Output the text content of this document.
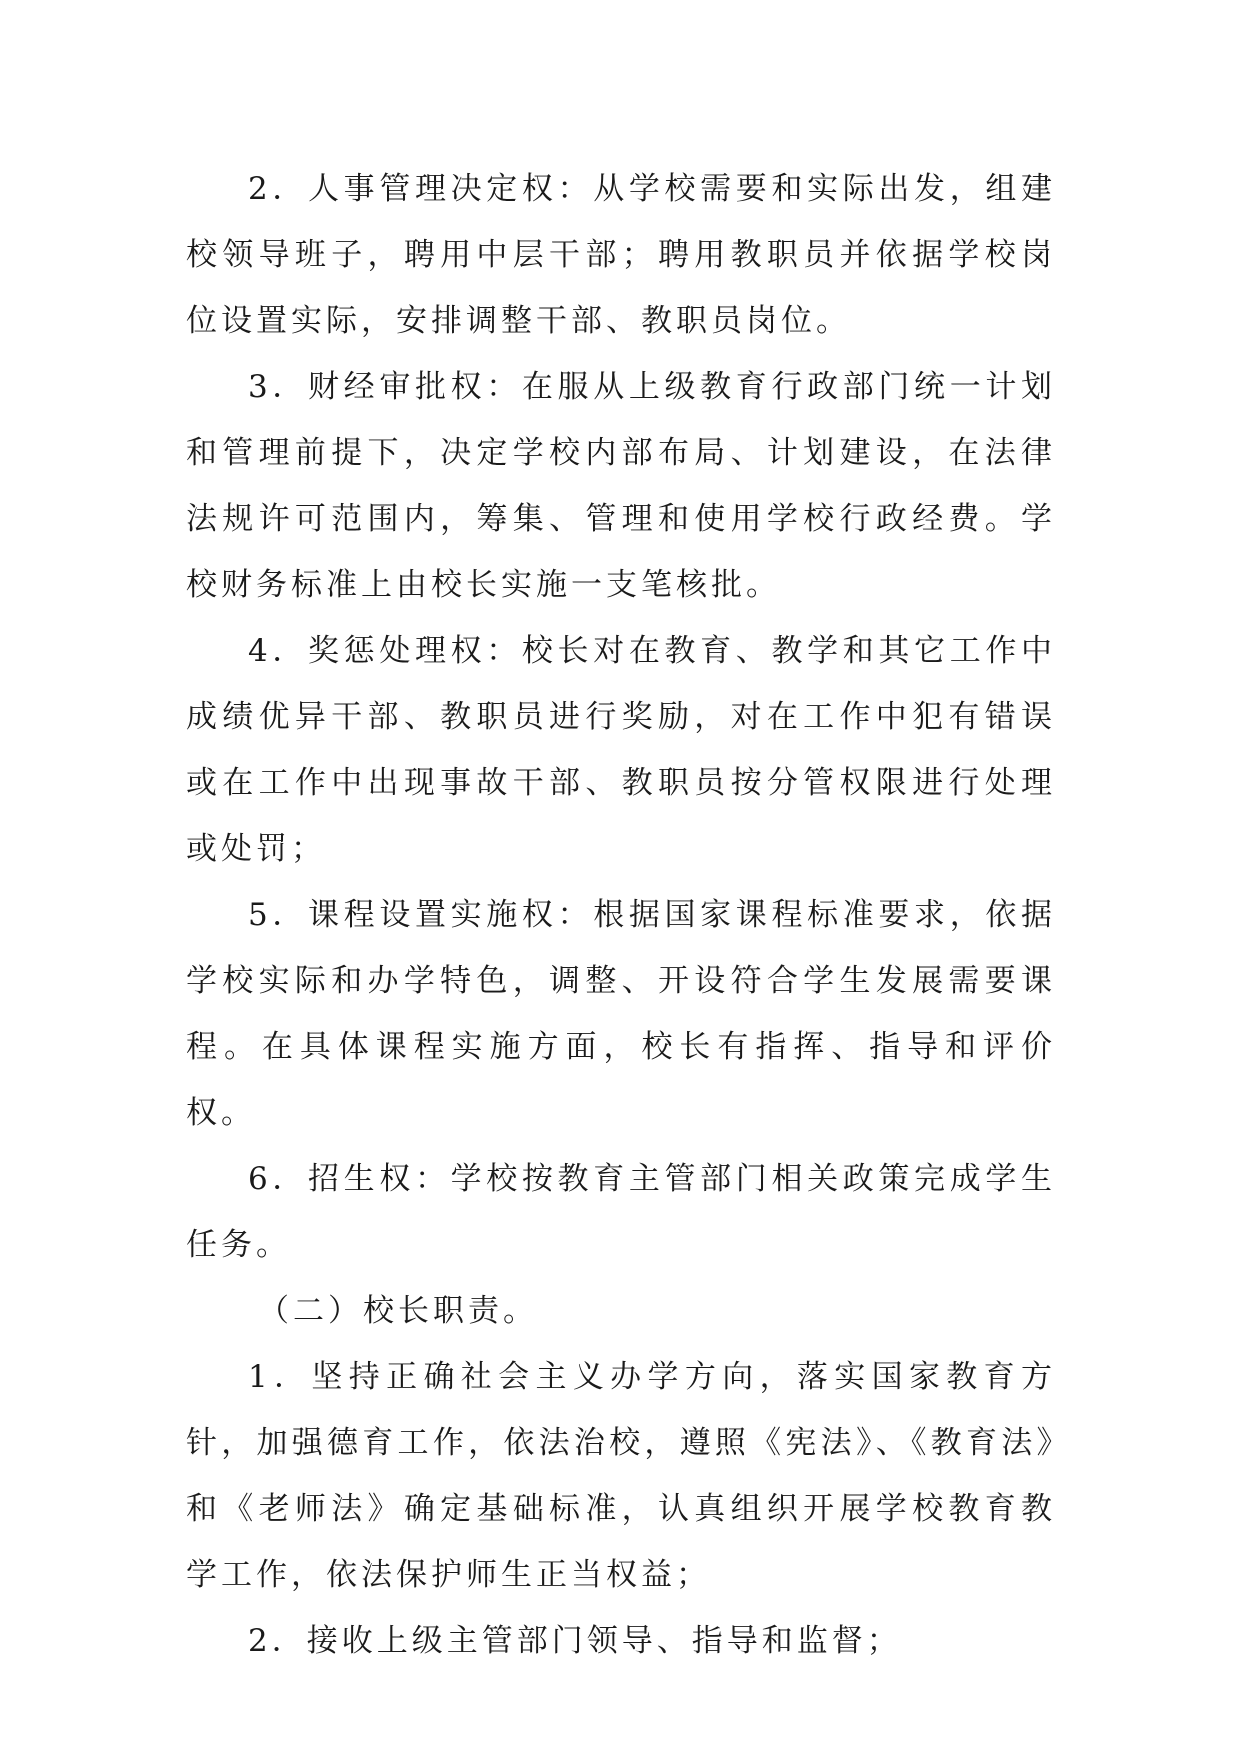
2．人事管理决定权：从学校需要和实际出发，组建校领导班子，聘用中层干部；聘用教职员并依据学校岗位设置实际，安排调整干部、教职员岗位。

3．财经审批权：在服从上级教育行政部门统一计划和管理前提下，决定学校内部布局、计划建设，在法律法规许可范围内，筹集、管理和使用学校行政经费。学校财务标准上由校长实施一支笔核批。

4．奖惩处理权：校长对在教育、教学和其它工作中成绩优异干部、教职员进行奖励，对在工作中犯有错误或在工作中出现事故干部、教职员按分管权限进行处理或处罚；

5．课程设置实施权：根据国家课程标准要求，依据学校实际和办学特色，调整、开设符合学生发展需要课程。在具体课程实施方面，校长有指挥、指导和评价权。

6．招生权：学校按教育主管部门相关政策完成学生任务。

（二）校长职责。

1．坚持正确社会主义办学方向，落实国家教育方针，加强德育工作，依法治校，遵照《宪法》、《教育法》和《老师法》确定基础标准，认真组织开展学校教育教学工作，依法保护师生正当权益；

2．接收上级主管部门领导、指导和监督；
